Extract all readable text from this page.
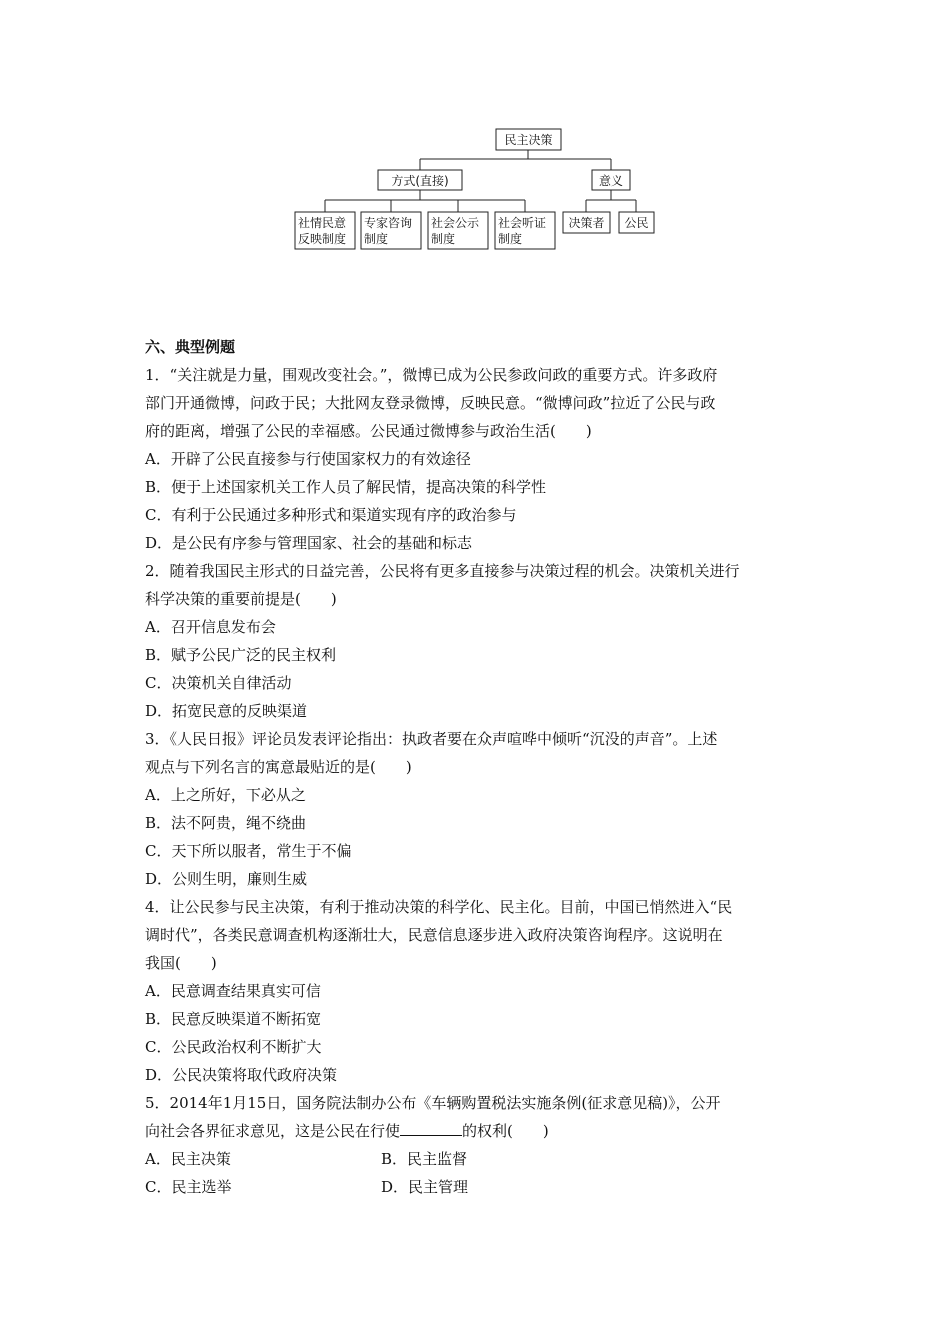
民主决策
方式(直接)	意义
社情民意
反映制度
专家咨询
制度
社会公示
制度
社会听证
制度
决策者 公民
六、典型例题
1．“关注就是力量，围观改变社会。”，微博已成为公民参政问政的重要方式。许多政府
部门开通微博，问政于民；大批网友登录微博，反映民意。“微博问政”拉近了公民与政
府的距离，增强了公民的幸福感。公民通过微博参与政治生活(　　)
A．开辟了公民直接参与行使国家权力的有效途径
B．便于上述国家机关工作人员了解民情，提高决策的科学性
C．有利于公民通过多种形式和渠道实现有序的政治参与
D．是公民有序参与管理国家、社会的基础和标志
2．随着我国民主形式的日益完善，公民将有更多直接参与决策过程的机会。决策机关进行
科学决策的重要前提是(　　)
A．召开信息发布会
B．赋予公民广泛的民主权利
C．决策机关自律活动
D．拓宽民意的反映渠道
3．《人民日报》评论员发表评论指出：执政者要在众声喧哗中倾听“沉没的声音”。上述
观点与下列名言的寓意最贴近的是(　　)
A．上之所好，下必从之
B．法不阿贵，绳不绕曲
C．天下所以服者，常生于不偏
D．公则生明，廉则生威
4．让公民参与民主决策，有利于推动决策的科学化、民主化。目前，中国已悄然进入“民
调时代”，各类民意调查机构逐渐壮大，民意信息逐步进入政府决策咨询程序。这说明在
我国(　　)
A．民意调查结果真实可信
B．民意反映渠道不断拓宽
C．公民政治权利不断扩大
D．公民决策将取代政府决策
5．2014年1月15日，国务院法制办公布《车辆购置税法实施条例(征求意见稿)》，公开
向社会各界征求意见，这是公民在行使	的权利(　　)
A．民主决策	B．民主监督
C．民主选举	D．民主管理
